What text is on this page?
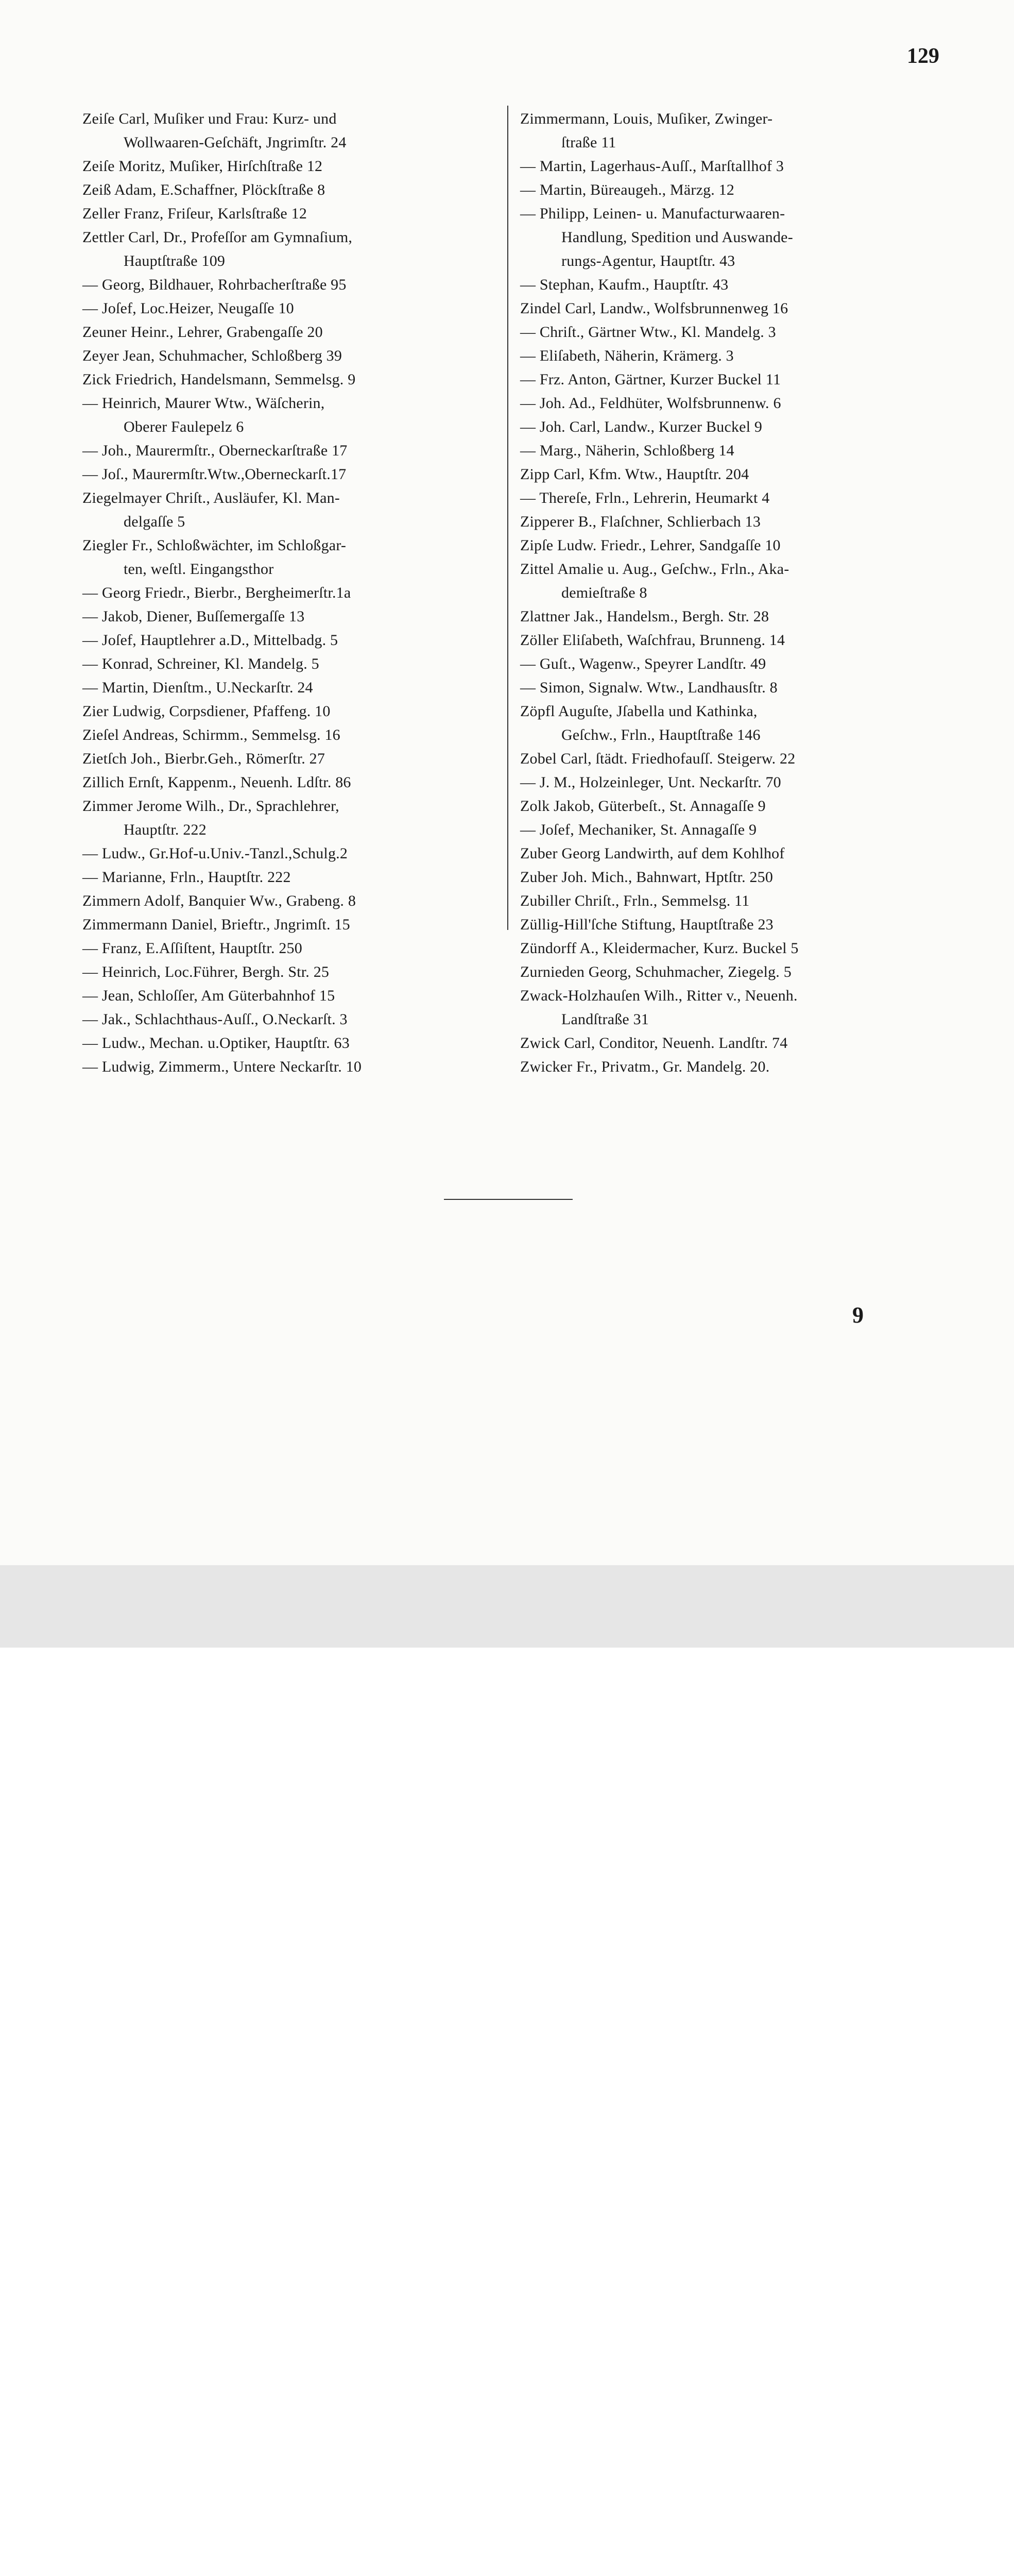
129
Zeiſe Carl, Muſiker und Frau: Kurz- und
Wollwaaren-Geſchäft, Jngrimſtr. 24
Zeiſe Moritz, Muſiker, Hirſchſtraße 12
Zeiß Adam, E.Schaffner, Plöckſtraße 8
Zeller Franz, Friſeur, Karlsſtraße 12
Zettler Carl, Dr., Profeſſor am Gymnaſium,
Hauptſtraße 109
— Georg, Bildhauer, Rohrbacherſtraße 95
— Joſef, Loc.Heizer, Neugaſſe 10
Zeuner Heinr., Lehrer, Grabengaſſe 20
Zeyer Jean, Schuhmacher, Schloßberg 39
Zick Friedrich, Handelsmann, Semmelsg. 9
— Heinrich, Maurer Wtw., Wäſcherin,
Oberer Faulepelz 6
— Joh., Maurermſtr., Oberneckarſtraße 17
— Joſ., Maurermſtr.Wtw.,Oberneckarſt.17
Ziegelmayer Chriſt., Ausläufer, Kl. Man-
delgaſſe 5
Ziegler Fr., Schloßwächter, im Schloßgar-
ten, weſtl. Eingangsthor
— Georg Friedr., Bierbr., Bergheimerſtr.1a
— Jakob, Diener, Buſſemergaſſe 13
— Joſef, Hauptlehrer a.D., Mittelbadg. 5
— Konrad, Schreiner, Kl. Mandelg. 5
— Martin, Dienſtm., U.Neckarſtr. 24
Zier Ludwig, Corpsdiener, Pfaffeng. 10
Zieſel Andreas, Schirmm., Semmelsg. 16
Zietſch Joh., Bierbr.Geh., Römerſtr. 27
Zillich Ernſt, Kappenm., Neuenh. Ldſtr. 86
Zimmer Jerome Wilh., Dr., Sprachlehrer,
Hauptſtr. 222
— Ludw., Gr.Hof-u.Univ.-Tanzl.,Schulg.2
— Marianne, Frln., Hauptſtr. 222
Zimmern Adolf, Banquier Ww., Grabeng. 8
Zimmermann Daniel, Brieftr., Jngrimſt. 15
— Franz, E.Aſſiſtent, Hauptſtr. 250
— Heinrich, Loc.Führer, Bergh. Str. 25
— Jean, Schloſſer, Am Güterbahnhof 15
— Jak., Schlachthaus-Auſſ., O.Neckarſt. 3
— Ludw., Mechan. u.Optiker, Hauptſtr. 63
— Ludwig, Zimmerm., Untere Neckarſtr. 10
Zimmermann, Louis, Muſiker, Zwinger-
ſtraße 11
— Martin, Lagerhaus-Auſſ., Marſtallhof 3
— Martin, Büreaugeh., Märzg. 12
— Philipp, Leinen- u. Manufacturwaaren-
Handlung, Spedition und Auswande-
rungs-Agentur, Hauptſtr. 43
— Stephan, Kaufm., Hauptſtr. 43
Zindel Carl, Landw., Wolfsbrunnenweg 16
— Chriſt., Gärtner Wtw., Kl. Mandelg. 3
— Eliſabeth, Näherin, Krämerg. 3
— Frz. Anton, Gärtner, Kurzer Buckel 11
— Joh. Ad., Feldhüter, Wolfsbrunnenw. 6
— Joh. Carl, Landw., Kurzer Buckel 9
— Marg., Näherin, Schloßberg 14
Zipp Carl, Kfm. Wtw., Hauptſtr. 204
— Thereſe, Frln., Lehrerin, Heumarkt 4
Zipperer B., Flaſchner, Schlierbach 13
Zipſe Ludw. Friedr., Lehrer, Sandgaſſe 10
Zittel Amalie u. Aug., Geſchw., Frln., Aka-
demieſtraße 8
Zlattner Jak., Handelsm., Bergh. Str. 28
Zöller Eliſabeth, Waſchfrau, Brunneng. 14
— Guſt., Wagenw., Speyrer Landſtr. 49
— Simon, Signalw. Wtw., Landhausſtr. 8
Zöpfl Auguſte, Jſabella und Kathinka,
Geſchw., Frln., Hauptſtraße 146
Zobel Carl, ſtädt. Friedhofauſſ. Steigerw. 22
— J. M., Holzeinleger, Unt. Neckarſtr. 70
Zolk Jakob, Güterbeſt., St. Annagaſſe 9
— Joſef, Mechaniker, St. Annagaſſe 9
Zuber Georg Landwirth, auf dem Kohlhof
Zuber Joh. Mich., Bahnwart, Hptſtr. 250
Zubiller Chriſt., Frln., Semmelsg. 11
Züllig-Hill'ſche Stiftung, Hauptſtraße 23
Zündorff A., Kleidermacher, Kurz. Buckel 5
Zurnieden Georg, Schuhmacher, Ziegelg. 5
Zwack-Holzhauſen Wilh., Ritter v., Neuenh.
Landſtraße 31
Zwick Carl, Conditor, Neuenh. Landſtr. 74
Zwicker Fr., Privatm., Gr. Mandelg. 20.
9
